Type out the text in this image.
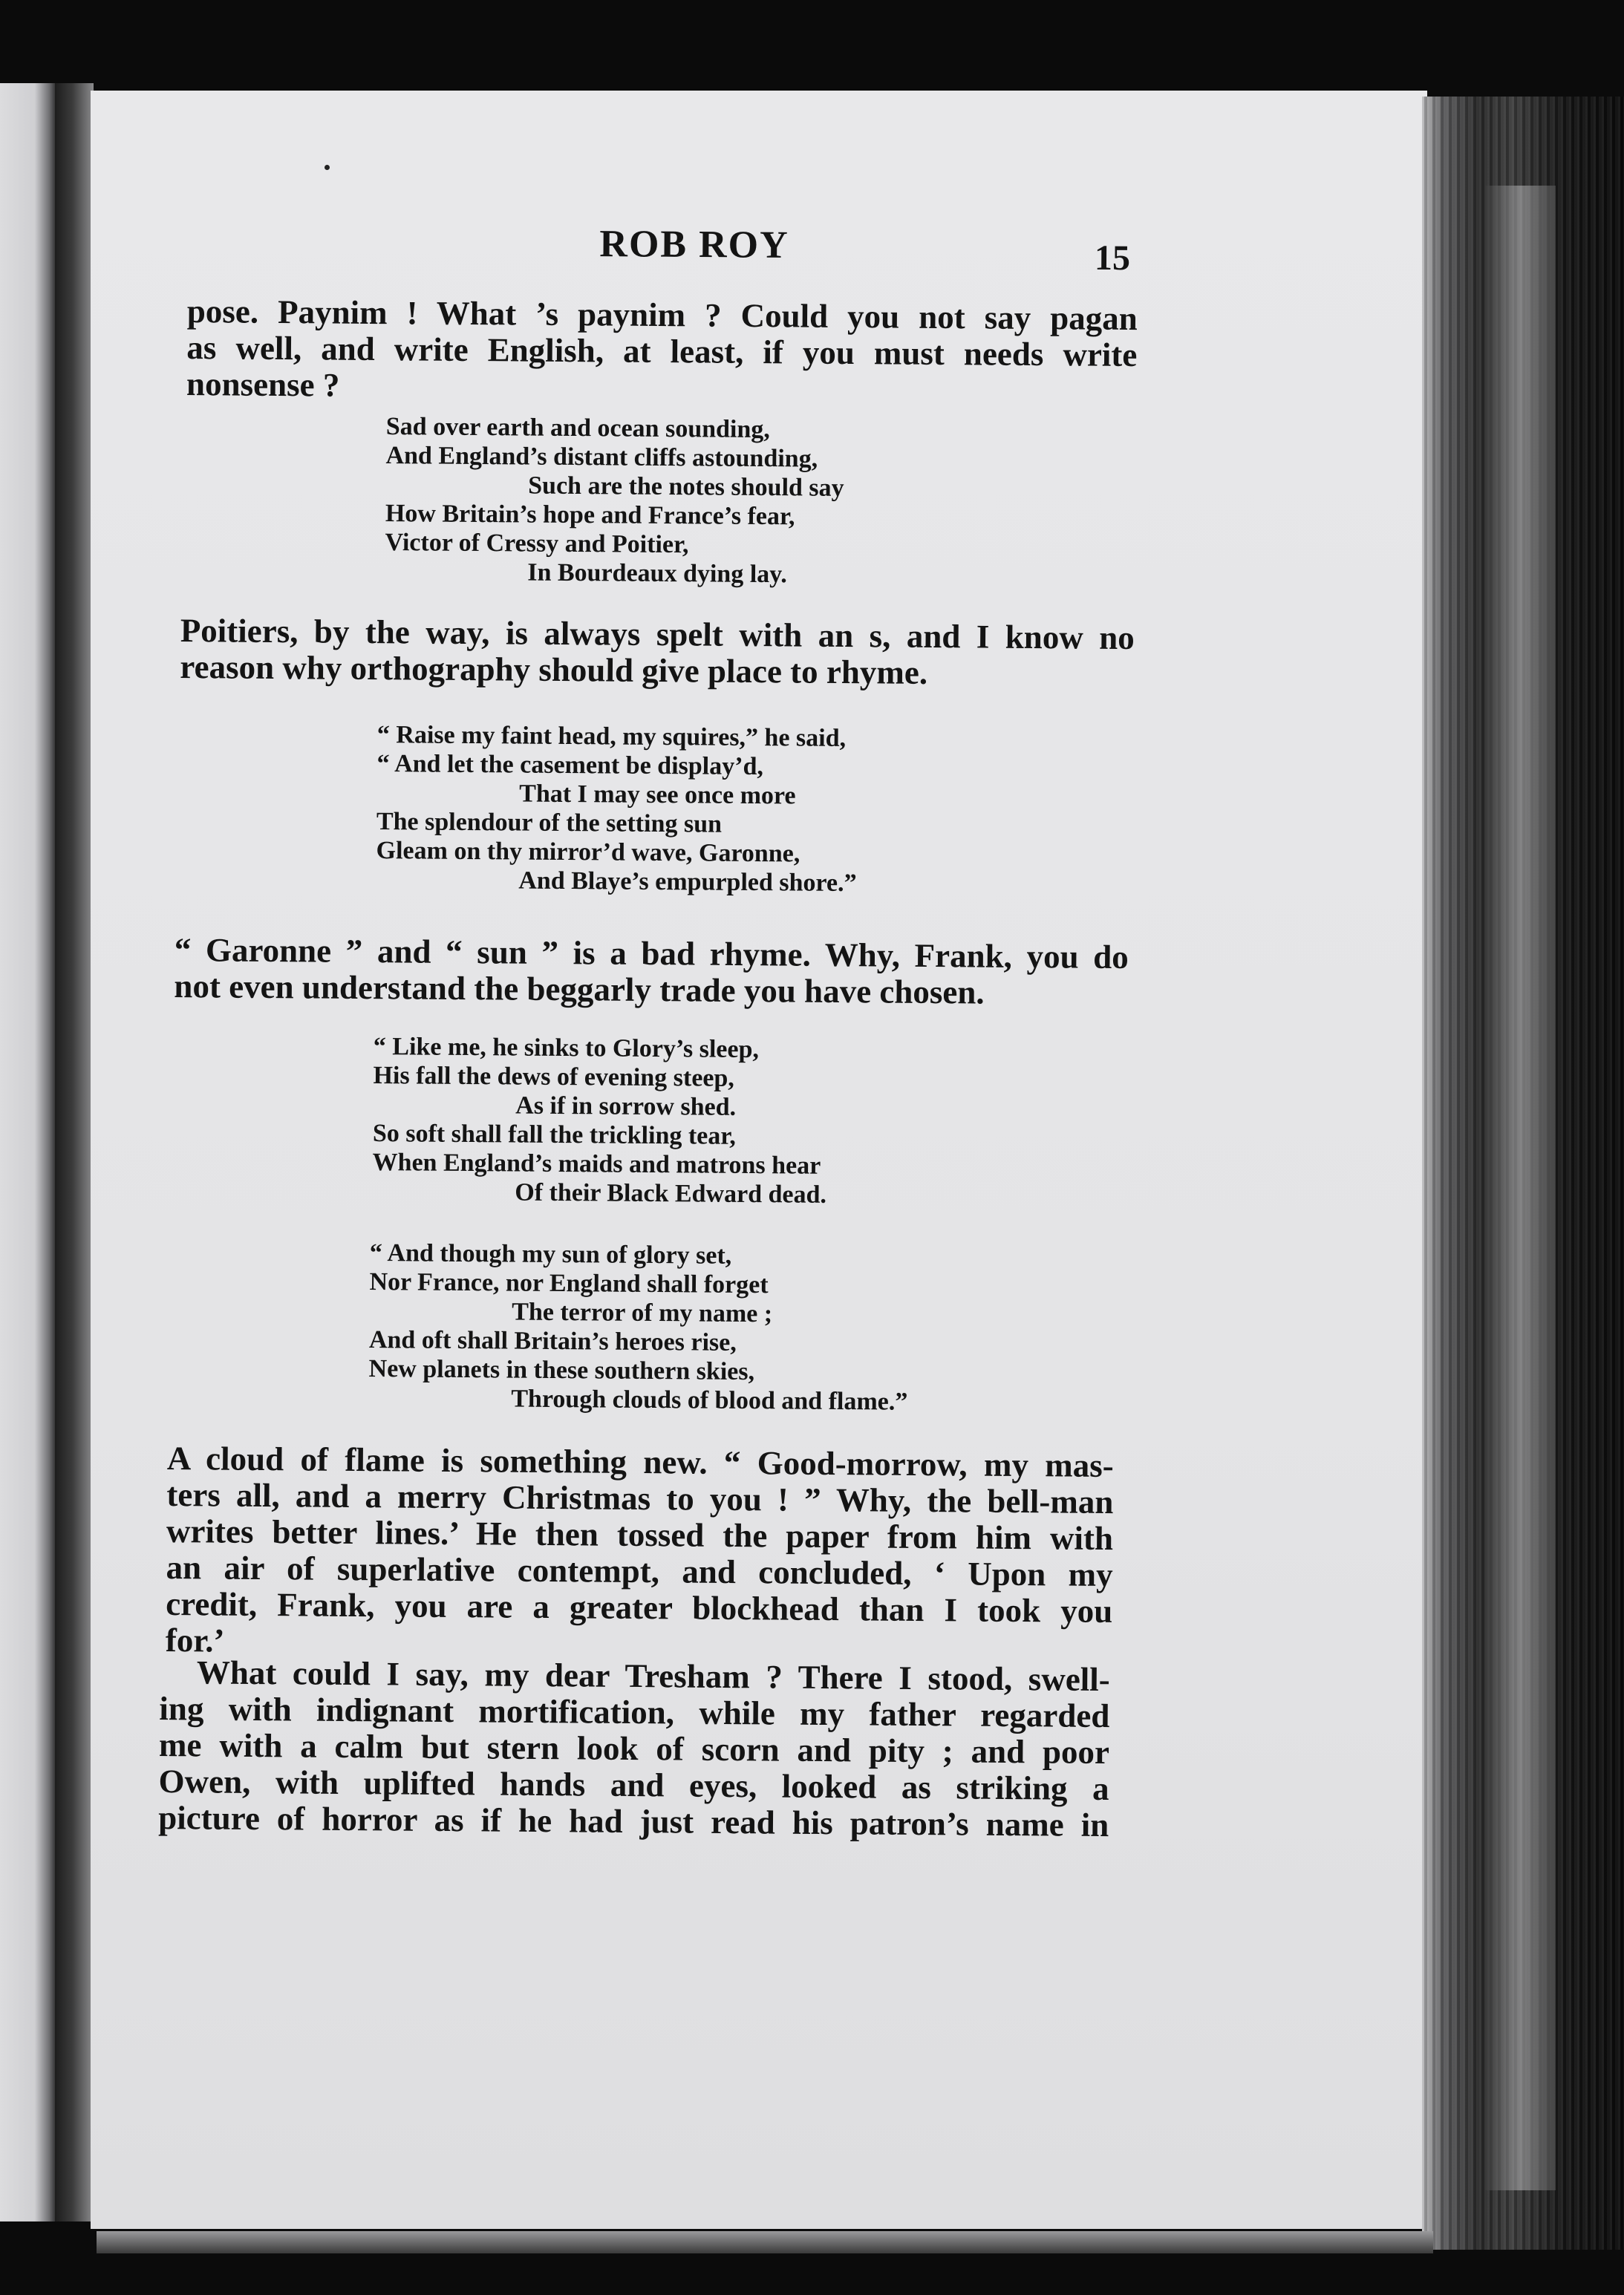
ROB ROY	15
pose. Paynim ! What ’s paynim ? Could you not say pagan
as well, and write English, at least, if you must needs write
nonsense ?
Sad over earth and ocean sounding,
And England’s distant cliffs astounding,
Such are the notes should say
How Britain’s hope and France’s fear,
Victor of Cressy and Poitier,
In Bourdeaux dying lay.
Poitiers, by the way, is always spelt with an s, and I know no
reason why orthography should give place to rhyme.
“ Raise my faint head, my squires,” he said,
“ And let the casement be display’d,
That I may see once more
The splendour of the setting sun
Gleam on thy mirror’d wave, Garonne,
And Blaye’s empurpled shore.”
“ Garonne ” and “ sun ” is a bad rhyme. Why, Frank, you do
not even understand the beggarly trade you have chosen.
“ Like me, he sinks to Glory’s sleep,
His fall the dews of evening steep,
As if in sorrow shed.
So soft shall fall the trickling tear,
When England’s maids and matrons hear
Of their Black Edward dead.
“ And though my sun of glory set,
Nor France, nor England shall forget
The terror of my name ;
And oft shall Britain’s heroes rise,
New planets in these southern skies,
Through clouds of blood and flame.”
A cloud of flame is something new. “ Good-morrow, my mas-
ters all, and a merry Christmas to you ! ” Why, the bell-man
writes better lines.’ He then tossed the paper from him with
an air of superlative contempt, and concluded, ‘ Upon my
credit, Frank, you are a greater blockhead than I took you
for.’
What could I say, my dear Tresham ? There I stood, swell-
ing with indignant mortification, while my father regarded
me with a calm but stern look of scorn and pity ; and poor
Owen, with uplifted hands and eyes, looked as striking a
picture of horror as if he had just read his patron’s name in
